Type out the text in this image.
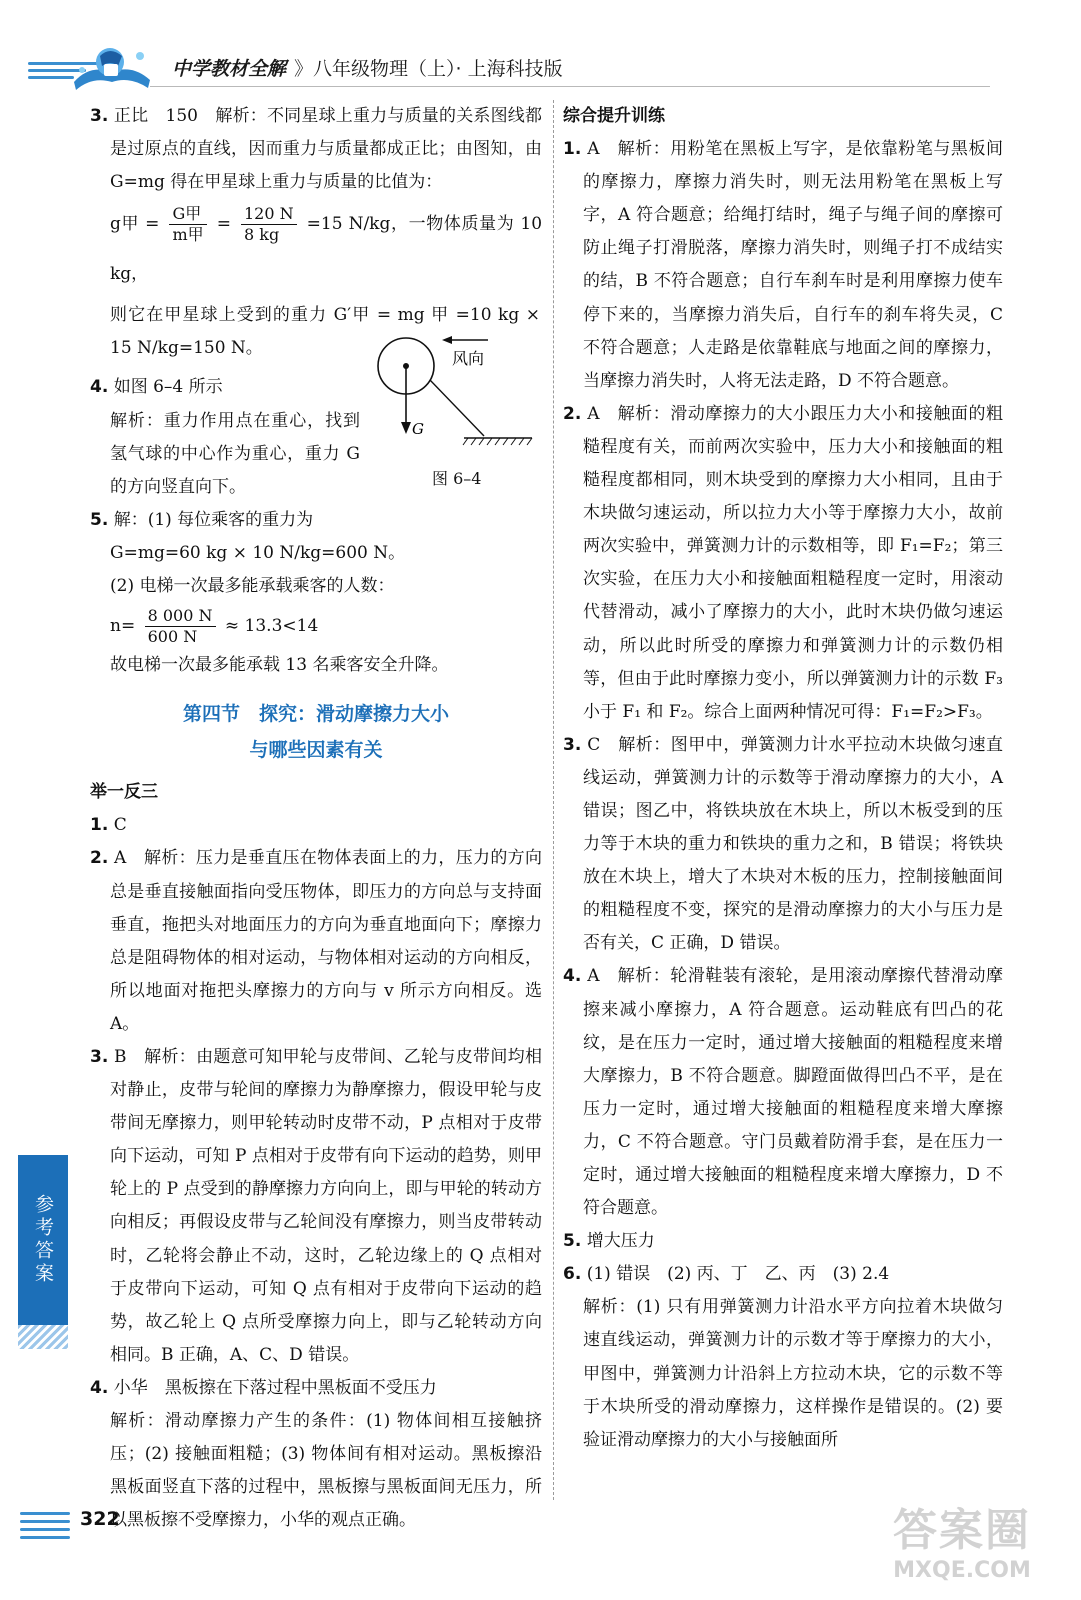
中学教材全解 》八年级物理（上）· 上海科技版

3. 正比　150　解析：不同星球上重力与质量的关系图线都是过原点的直线，因而重力与质量都成正比；由图知，由 G=mg 得在甲星球上重力与质量的比值为：

g甲 = $\frac{\text{G甲}}{\text{m甲}} = \frac{120 N}{8 kg} =15$ N/kg，一物体质量为 10 kg，

则它在甲星球上受到的重力 G′甲 = mg 甲 =10 kg × 15 N/kg=150 N。

4. 如图 6–4 所示

解析：重力作用点在重心，找到氢气球的中心作为重心，重力 G 的方向竖直向下。

5. 解：(1) 每位乘客的重力为

G=mg=60 kg × 10 N/kg=600 N。

(2) 电梯一次最多能承载乘客的人数：

$n= \frac{8 000 N}{600 N} \approx 13.3<14$

故电梯一次最多能承载 13 名乘客安全升降。

第四节　探究：滑动摩擦力大小
与哪些因素有关
举一反三

1. C

2. A　解析：压力是垂直压在物体表面上的力，压力的方向总是垂直接触面指向受压物体，即压力的方向总与支持面垂直，拖把头对地面压力的方向为垂直地面向下；摩擦力总是阻碍物体的相对运动，与物体相对运动的方向相反，所以地面对拖把头摩擦力的方向与 v 所示方向相反。选 A。

3. B　解析：由题意可知甲轮与皮带间、乙轮与皮带间均相对静止，皮带与轮间的摩擦力为静摩擦力，假设甲轮与皮带间无摩擦力，则甲轮转动时皮带不动，P 点相对于皮带向下运动，可知 P 点相对于皮带有向下运动的趋势，则甲轮上的 P 点受到的静摩擦力方向向上，即与甲轮的转动方向相反；再假设皮带与乙轮间没有摩擦力，则当皮带转动时，乙轮将会静止不动，这时，乙轮边缘上的 Q 点相对于皮带向下运动，可知 Q 点有相对于皮带向下运动的趋势，故乙轮上 Q 点所受摩擦力向上，即与乙轮转动方向相同。B 正确，A、C、D 错误。

4. 小华　黑板擦在下落过程中黑板面不受压力

解析：滑动摩擦力产生的条件：(1) 物体间相互接触挤压；(2) 接触面粗糙；(3) 物体间有相对运动。黑板擦沿黑板面竖直下落的过程中，黑板擦与黑板面间无压力，所以黑板擦不受摩擦力，小华的观点正确。

风向
G
图 6–4
综合提升训练

1. A　解析：用粉笔在黑板上写字，是依靠粉笔与黑板间的摩擦力，摩擦力消失时，则无法用粉笔在黑板上写字，A 符合题意；给绳打结时，绳子与绳子间的摩擦可防止绳子打滑脱落，摩擦力消失时，则绳子打不成结实的结，B 不符合题意；自行车刹车时是利用摩擦力使车停下来的，当摩擦力消失后，自行车的刹车将失灵，C 不符合题意；人走路是依靠鞋底与地面之间的摩擦力，当摩擦力消失时，人将无法走路，D 不符合题意。

2. A　解析：滑动摩擦力的大小跟压力大小和接触面的粗糙程度有关，而前两次实验中，压力大小和接触面的粗糙程度都相同，则木块受到的摩擦力大小相同，且由于木块做匀速运动，所以拉力大小等于摩擦力大小，故前两次实验中，弹簧测力计的示数相等，即 F₁=F₂；第三次实验，在压力大小和接触面粗糙程度一定时，用滚动代替滑动，减小了摩擦力的大小，此时木块仍做匀速运动，所以此时所受的摩擦力和弹簧测力计的示数仍相等，但由于此时摩擦力变小，所以弹簧测力计的示数 F₃ 小于 F₁ 和 F₂。综合上面两种情况可得：F₁=F₂>F₃。

3. C　解析：图甲中，弹簧测力计水平拉动木块做匀速直线运动，弹簧测力计的示数等于滑动摩擦力的大小，A 错误；图乙中，将铁块放在木块上，所以木板受到的压力等于木块的重力和铁块的重力之和，B 错误；将铁块放在木块上，增大了木块对木板的压力，控制接触面间的粗糙程度不变，探究的是滑动摩擦力的大小与压力是否有关，C 正确，D 错误。

4. A　解析：轮滑鞋装有滚轮，是用滚动摩擦代替滑动摩擦来减小摩擦力，A 符合题意。运动鞋底有凹凸的花纹，是在压力一定时，通过增大接触面的粗糙程度来增大摩擦力，B 不符合题意。脚蹬面做得凹凸不平，是在压力一定时，通过增大接触面的粗糙程度来增大摩擦力，C 不符合题意。守门员戴着防滑手套，是在压力一定时，通过增大接触面的粗糙程度来增大摩擦力，D 不符合题意。

5. 增大压力

6. (1) 错误　(2) 丙、丁　乙、丙　(3) 2.4

解析：(1) 只有用弹簧测力计沿水平方向拉着木块做匀速直线运动，弹簧测力计的示数才等于摩擦力的大小，甲图中，弹簧测力计沿斜上方拉动木块，它的示数不等于木块所受的滑动摩擦力，这样操作是错误的。(2) 要验证滑动摩擦力的大小与接触面所

参考答案
322	答案圈
MXQE.COM
